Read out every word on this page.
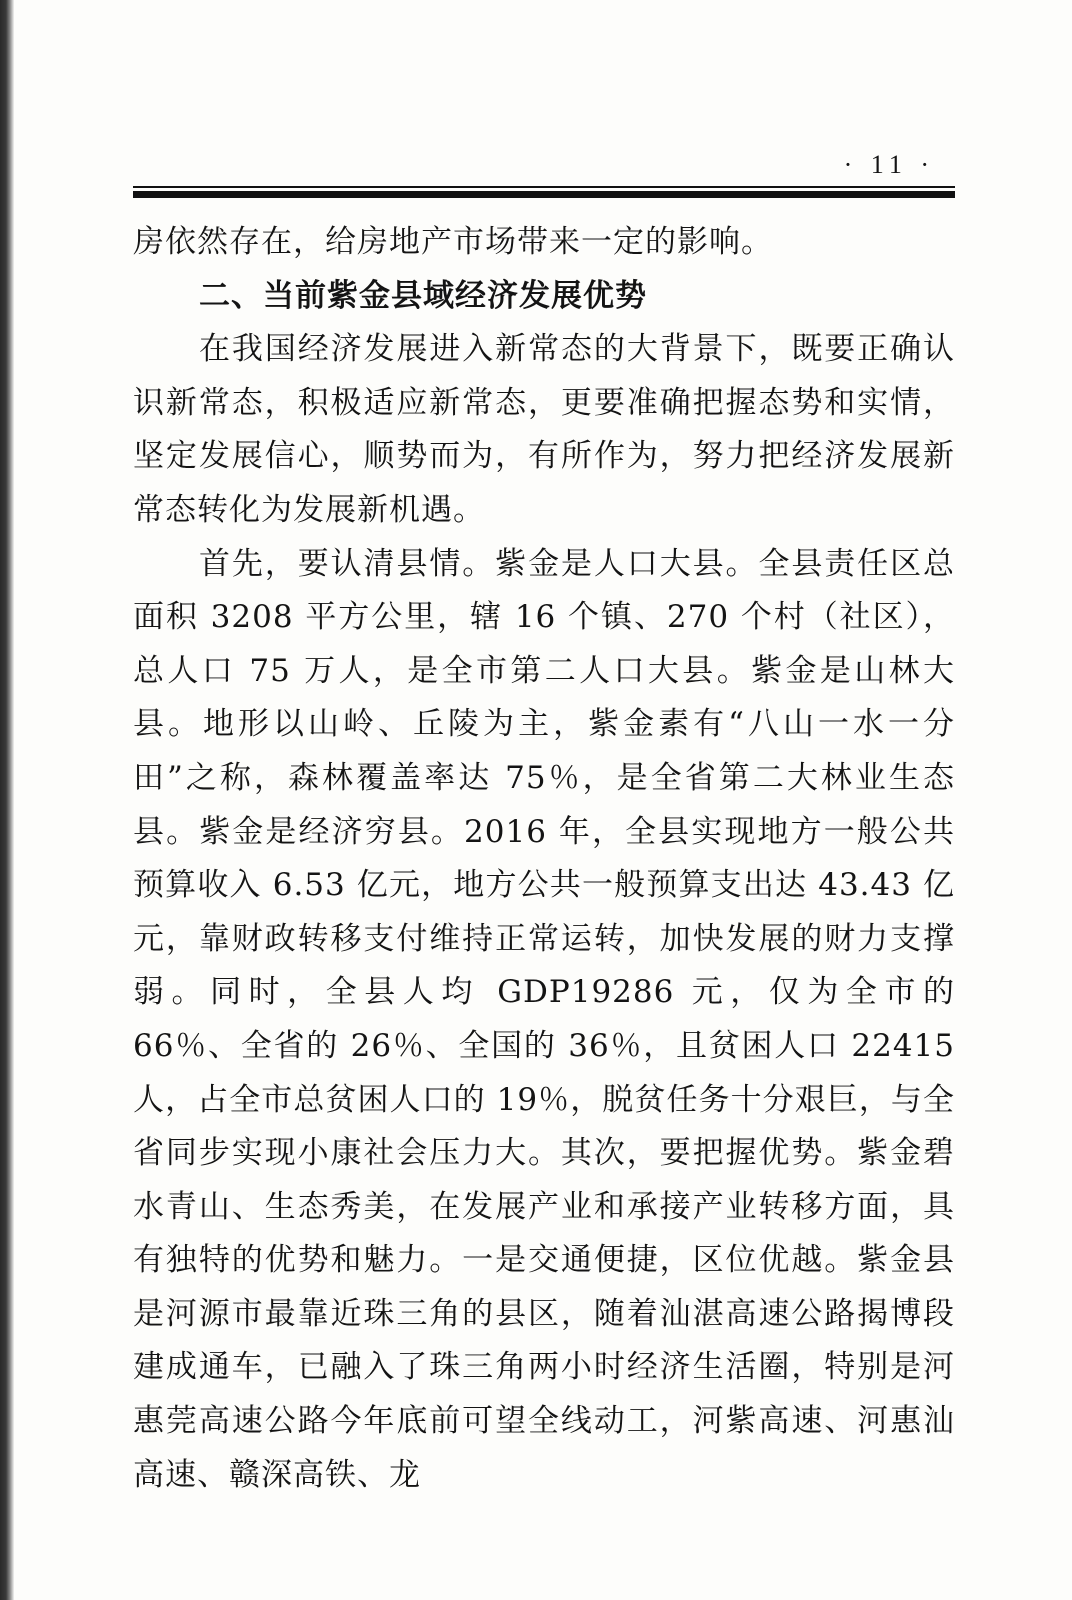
· 11 ·

房依然存在，给房地产市场带来一定的影响。

二、当前紫金县域经济发展优势

在我国经济发展进入新常态的大背景下，既要正确认识新常态，积极适应新常态，更要准确把握态势和实情，坚定发展信心，顺势而为，有所作为，努力把经济发展新常态转化为发展新机遇。

首先，要认清县情。紫金是人口大县。全县责任区总面积 3208 平方公里，辖 16 个镇、270 个村（社区），总人口 75 万人，是全市第二人口大县。紫金是山林大县。地形以山岭、丘陵为主，紫金素有“八山一水一分田”之称，森林覆盖率达 75％，是全省第二大林业生态县。紫金是经济穷县。2016 年，全县实现地方一般公共预算收入 6.53 亿元，地方公共一般预算支出达 43.43 亿元，靠财政转移支付维持正常运转，加快发展的财力支撑弱。同时，全县人均 GDP19286 元，仅为全市的 66％、全省的 26％、全国的 36％，且贫困人口 22415 人，占全市总贫困人口的 19％，脱贫任务十分艰巨，与全省同步实现小康社会压力大。其次，要把握优势。紫金碧水青山、生态秀美，在发展产业和承接产业转移方面，具有独特的优势和魅力。一是交通便捷，区位优越。紫金县是河源市最靠近珠三角的县区，随着汕湛高速公路揭博段建成通车，已融入了珠三角两小时经济生活圈，特别是河惠莞高速公路今年底前可望全线动工，河紫高速、河惠汕高速、赣深高铁、龙
